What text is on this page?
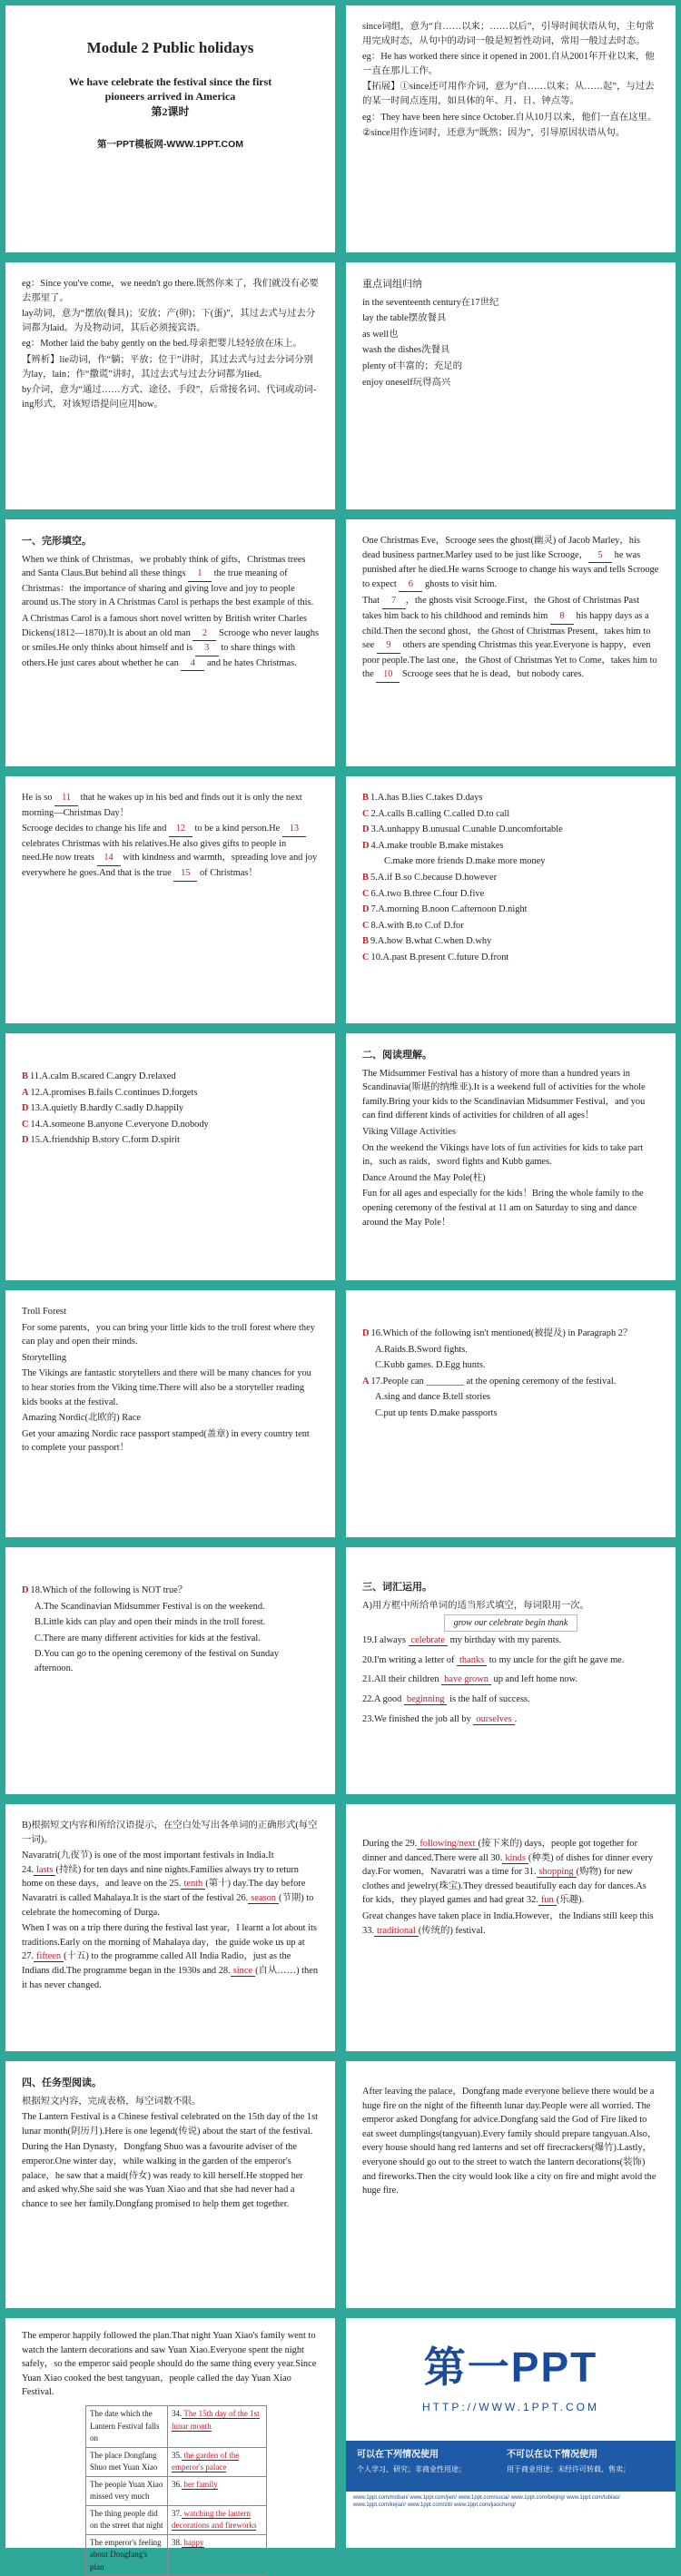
Module 2 Public holidays
We have celebrate the festival since the first
pioneers arrived in America
第2课时
第一PPT模板网-WWW.1PPT.COM

since词组，意为“自……以来；……以后”，引导时间状语从句，主句常用完成时态，从句中的动词一般是短暂性动词，常用一般过去时态。

eg：He has worked there since it opened in 2001.自从2001年开业以来，他一直在那儿工作。

【拓展】①since还可用作介词，意为“自……以来；从……起”，与过去的某一时间点连用，如具体的年、月、日、钟点等。

eg：They have been here since October.自从10月以来，他们一直在这里。

②since用作连词时，还意为“既然；因为”，引导原因状语从句。

eg：Since you've come，we needn't go there.既然你来了，我们就没有必要去那里了。

lay动词，意为“摆放(餐具)；安放；产(卵)；下(蛋)”，其过去式与过去分词都为laid。为及物动词，其后必须接宾语。

eg：Mother laid the baby gently on the bed.母亲把婴儿轻轻放在床上。

【辨析】lie动词，作“躺；平放；位于”讲时，其过去式与过去分词分别为lay，lain；作“撒谎”讲时，其过去式与过去分词都为lied。

by介词，意为“通过……方式、途径、手段”，后常接名词、代词或动词-ing形式，对该短语提问应用how。

重点词组归纳

in the seventeenth century在17世纪

lay the table摆放餐具

as well也

wash the dishes洗餐具

plenty of丰富的；充足的

enjoy oneself玩得高兴

一、完形填空。

When we think of Christmas，we probably think of gifts，Christmas trees and Santa Claus.But behind all these things 1 the true meaning of Christmas：the importance of sharing and giving love and joy to people around us.The story in A Christmas Carol is perhaps the best example of this.

A Christmas Carol is a famous short novel written by British writer Charles Dickens(1812—1870).It is about an old man 2 Scrooge who never laughs or smiles.He only thinks about himself and is 3 to share things with others.He just cares about whether he can 4 and he hates Christmas.

One Christmas Eve，Scrooge sees the ghost(幽灵) of Jacob Marley，his dead business partner.Marley used to be just like Scrooge， 5 he was punished after he died.He warns Scrooge to change his ways and tells Scrooge to expect 6 ghosts to visit him.

That 7 ，the ghosts visit Scrooge.First，the Ghost of Christmas Past takes him back to his childhood and reminds him 8 his happy days as a child.Then the second ghost，the Ghost of Christmas Present，takes him to see 9 others are spending Christmas this year.Everyone is happy，even poor people.The last one，the Ghost of Christmas Yet to Come，takes him to the 10 Scrooge sees that he is dead，but nobody cares.

He is so 11 that he wakes up in his bed and finds out it is only the next morning—Christmas Day！

Scrooge decides to change his life and 12 to be a kind person.He 13 celebrates Christmas with his relatives.He also gives gifts to people in need.He now treats 14 with kindness and warmth，spreading love and joy everywhere he goes.And that is the true 15 of Christmas！

B 1.A.has B.lies C.takes D.days

C 2.A.calls B.calling C.called D.to call

D 3.A.unhappy B.unusual C.unable D.uncomfortable

D 4.A.make trouble B.make mistakes

C.make more friends D.make more money

B 5.A.if B.so C.because D.however

C 6.A.two B.three C.four D.five

D 7.A.morning B.noon C.afternoon D.night

C 8.A.with B.to C.of D.for

B 9.A.how B.what C.when D.why

C 10.A.past B.present C.future D.front

B 11.A.calm B.scared C.angry D.relaxed

A 12.A.promises B.fails C.continues D.forgets

D 13.A.quietly B.hardly C.sadly D.happily

C 14.A.someone B.anyone C.everyone D.nobody

D 15.A.friendship B.story C.form D.spirit

二、阅读理解。

The Midsummer Festival has a history of more than a hundred years in Scandinavia(斯堪的纳维亚).It is a weekend full of activities for the whole family.Bring your kids to the Scandinavian Midsummer Festival，and you can find different kinds of activities for children of all ages！

Viking Village Activities

On the weekend the Vikings have lots of fun activities for kids to take part in，such as raids，sword fights and Kubb games.

Dance Around the May Pole(柱)

Fun for all ages and especially for the kids！Bring the whole family to the opening ceremony of the festival at 11 am on Saturday to sing and dance around the May Pole！

Troll Forest

For some parents，you can bring your little kids to the troll forest where they can play and open their minds.

Storytelling

The Vikings are fantastic storytellers and there will be many chances for you to hear stories from the Viking time.There will also be a storyteller reading kids books at the festival.

Amazing Nordic(北欧的) Race

Get your amazing Nordic race passport stamped(盖章) in every country tent to complete your passport！

D 16.Which of the following isn't mentioned(被提及) in Paragraph 2？

A.Raids.B.Sword fights.

C.Kubb games. D.Egg hunts.

A 17.People can ________ at the opening ceremony of the festival.

A.sing and dance B.tell stories

C.put up tents D.make passports

D 18.Which of the following is NOT true？

A.The Scandinavian Midsummer Festival is on the weekend.

B.Little kids can play and open their minds in the troll forest.

C.There are many different activities for kids at the festival.

D.You can go to the opening ceremony of the festival on Sunday afternoon.

三、词汇运用。

A)用方框中所给单词的适当形式填空，每词限用一次。

grow our celebrate begin thank

19.I always celebrate my birthday with my parents.

20.I'm writing a letter of thanks to my uncle for the gift he gave me.

21.All their children have grown up and left home now.

22.A good beginning is the half of success.

23.We finished the job all by ourselves .

B)根据短文内容和所给汉语提示，在空白处写出各单词的正确形式(每空一词)。

Navaratri(九夜节) is one of the most important festivals in India.It 24. lasts (持续) for ten days and nine nights.Families always try to return home on these days，and leave on the 25. tenth (第十) day.The day before Navaratri is called Mahalaya.It is the start of the festival 26. season (节期) to celebrate the homecoming of Durga.

When I was on a trip there during the festival last year，I learnt a lot about its traditions.Early on the morning of Mahalaya day，the guide woke us up at 27. fifteen (十五) to the programme called All India Radio，just as the Indians did.The programme began in the 1930s and 28. since (自从……) then it has never changed.

During the 29. following/next (接下来的) days，people got together for dinner and danced.There were all 30. kinds (种类) of dishes for dinner every day.For women，Navaratri was a time for 31. shopping (购物) for new clothes and jewelry(珠宝).They dressed beautifully each day for dances.As for kids，they played games and had great 32. fun (乐趣).

Great changes have taken place in India.However，the Indians still keep this 33. traditional (传统的) festival.

四、任务型阅读。

根据短文内容，完成表格，每空词数不限。

The Lantern Festival is a Chinese festival celebrated on the 15th day of the 1st lunar month(阴历月).Here is one legend(传说) about the start of the festival.

During the Han Dynasty，Dongfang Shuo was a favourite adviser of the emperor.One winter day，while walking in the garden of the emperor's palace，he saw that a maid(侍女) was ready to kill herself.He stopped her and asked why.She said she was Yuan Xiao and that she had never had a chance to see her family.Dongfang promised to help them get together.

After leaving the palace，Dongfang made everyone believe there would be a huge fire on the night of the fifteenth lunar day.People were all worried. The emperor asked Dongfang for advice.Dongfang said the God of Fire liked to eat sweet dumplings(tangyuan).Every family should prepare tangyuan.Also，every house should hang red lanterns and set off firecrackers(爆竹).Lastly，everyone should go out to the street to watch the lantern decorations(装饰) and fireworks.Then the city would look like a city on fire and might avoid the huge fire.

The emperor happily followed the plan.That night Yuan Xiao's family went to watch the lantern decorations and saw Yuan Xiao.Everyone spent the night safely，so the emperor said people should do the same thing every year.Since Yuan Xiao cooked the best tangyuan，people called the day Yuan Xiao Festival.

The date which the Lantern Festival falls on	34. The 15th day of the 1st lunar month
The place Dongfang Shuo met Yuan Xiao	35. the garden of the emperor's palace
The people Yuan Xiao missed very much	36. her family
The thing people did on the street that night	37. watching the lantern decorations and fireworks
The emperor's feeling about Dongfang's plan	38. happy
第一PPT
HTTP://WWW.1PPT.COM
可以在下列情况使用
个人学习、研究；非商业性用途；
不可以在以下情况使用
用于商业用途；未经许可转载、售卖；
www.1ppt.com/moban/ www.1ppt.com/jieri/ www.1ppt.com/sucai/ www.1ppt.com/beijing/ www.1ppt.com/tubiao/ www.1ppt.com/kejian/ www.1ppt.com/ziti/ www.1ppt.com/jiaocheng/
